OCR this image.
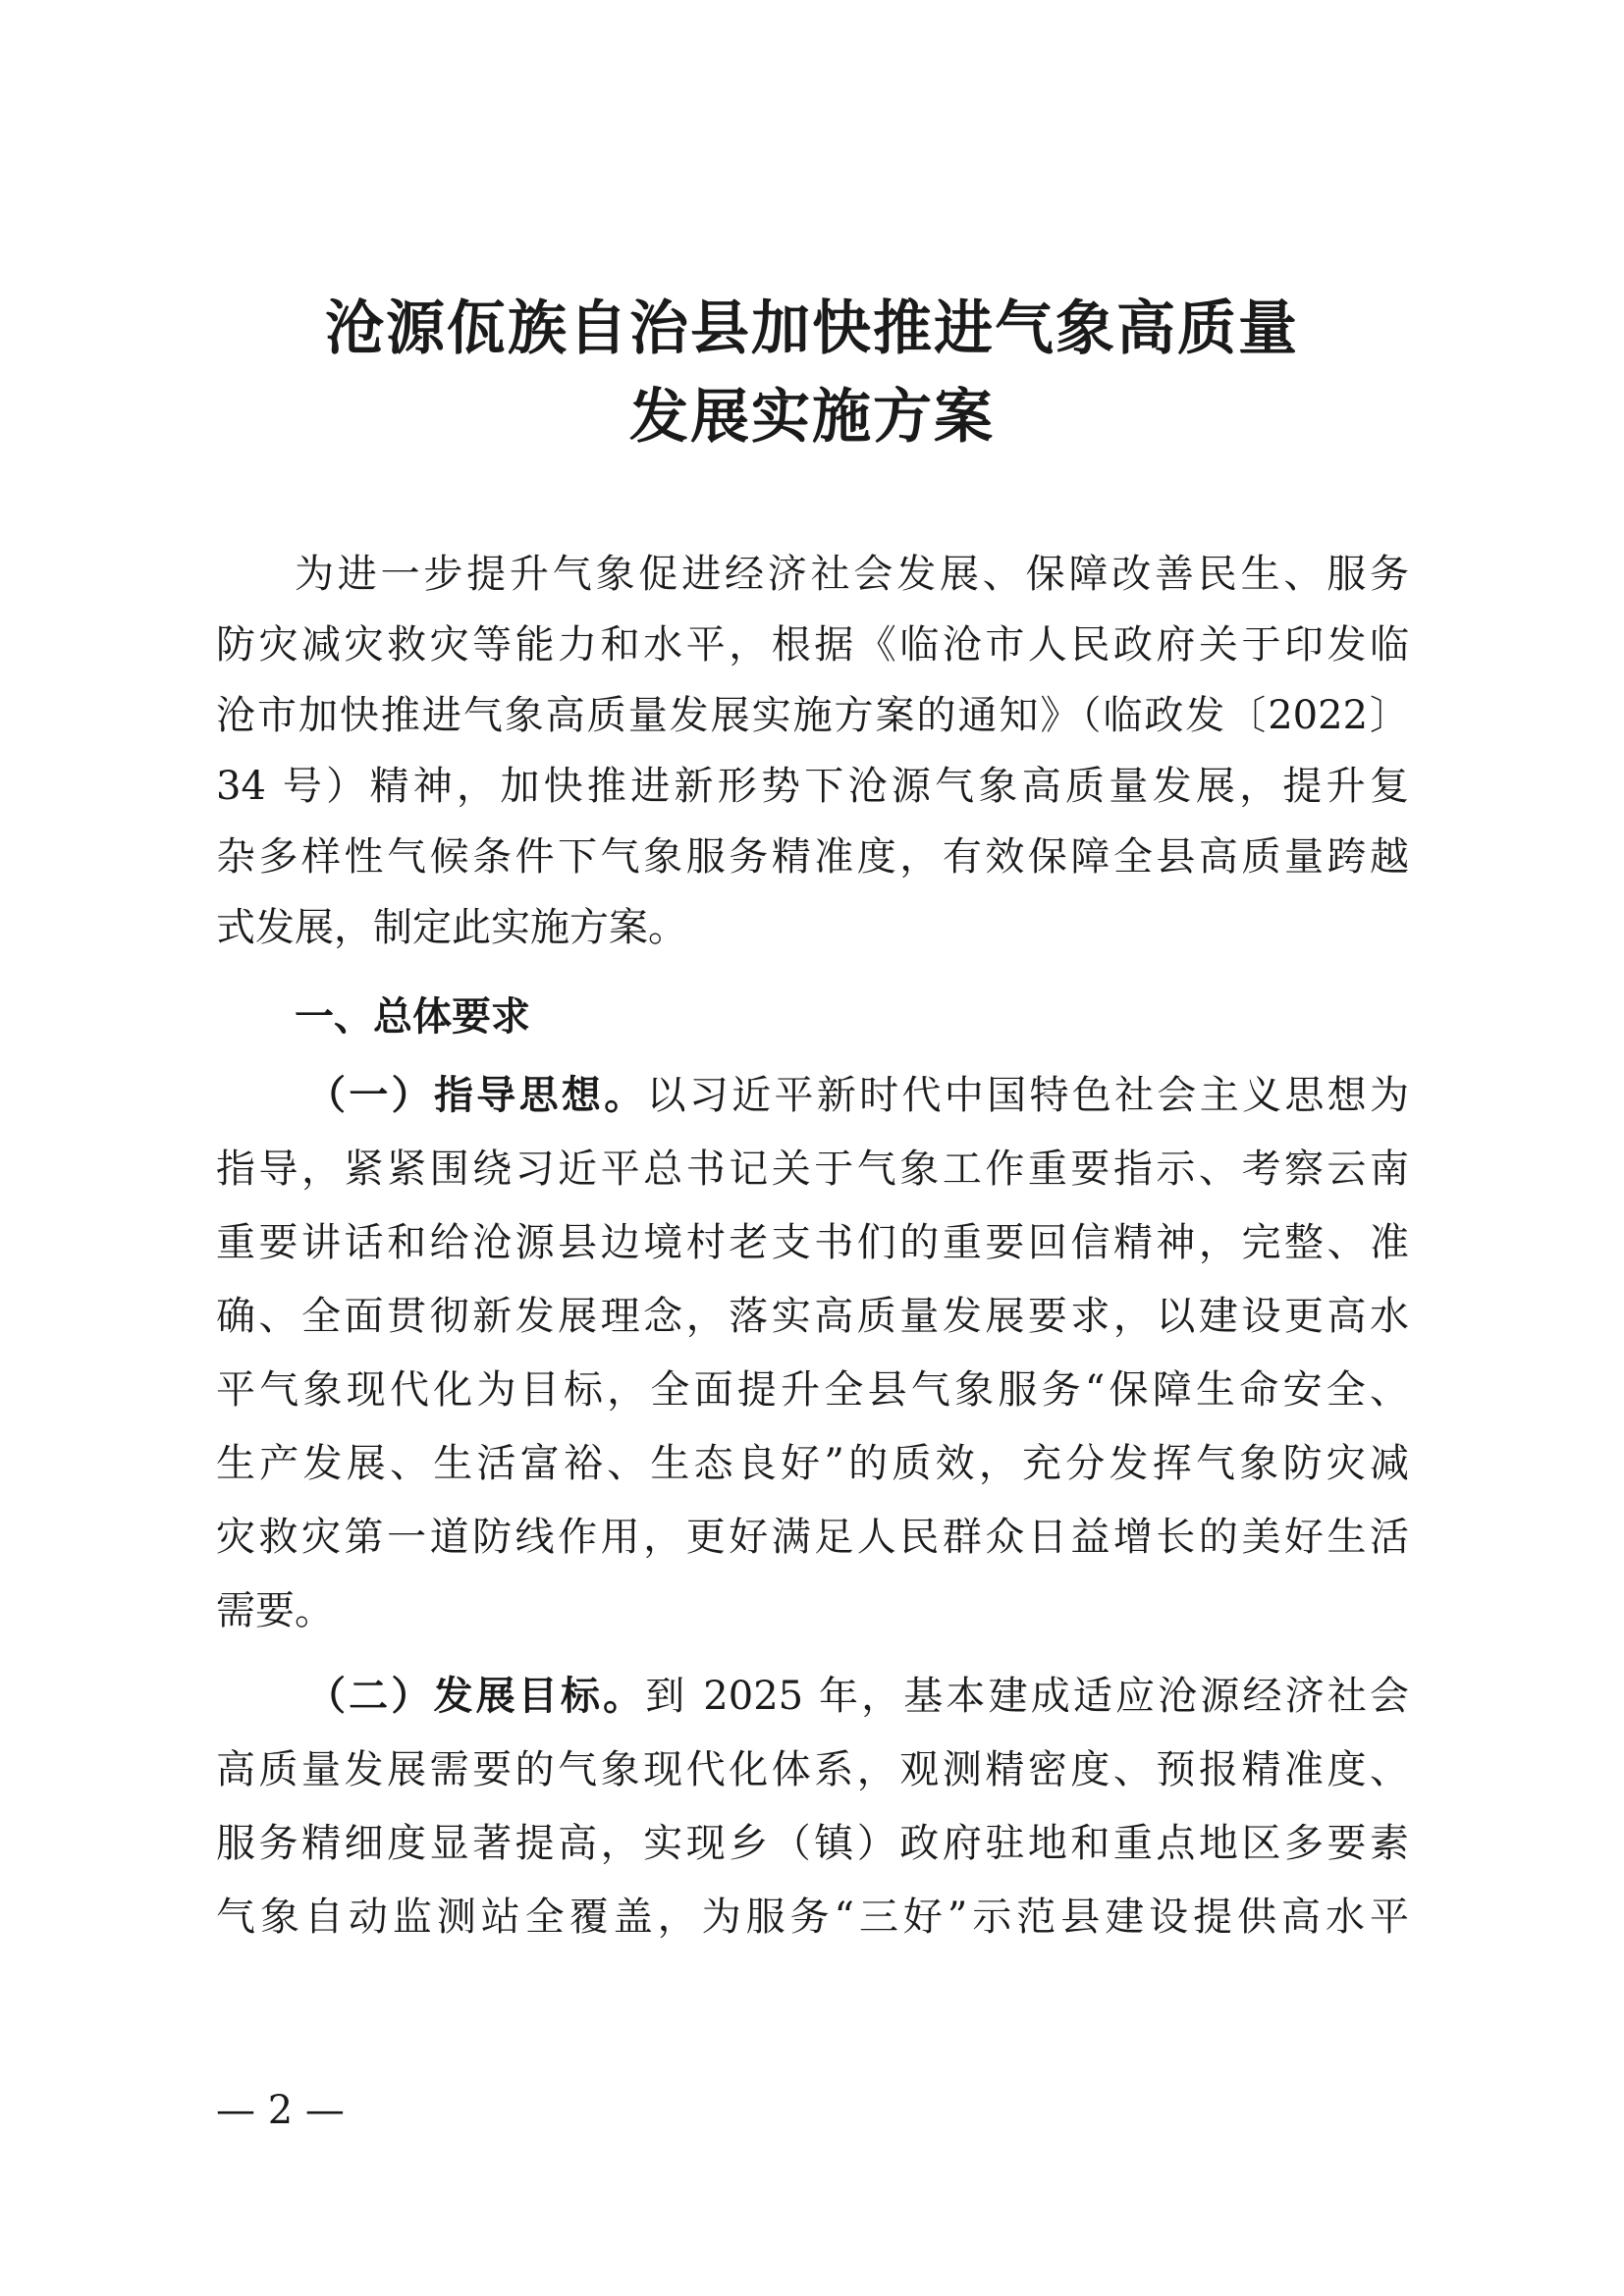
沧源佤族自治县加快推进气象高质量
发展实施方案

为进一步提升气象促进经济社会发展、保障改善民生、服务

防灾减灾救灾等能力和水平，根据《临沧市人民政府关于印发临

沧市加快推进气象高质量发展实施方案的通知》（临政发〔2022〕

34 号）精神，加快推进新形势下沧源气象高质量发展，提升复

杂多样性气候条件下气象服务精准度，有效保障全县高质量跨越

式发展，制定此实施方案。

一、总体要求

（一）指导思想。以习近平新时代中国特色社会主义思想为

指导，紧紧围绕习近平总书记关于气象工作重要指示、考察云南

重要讲话和给沧源县边境村老支书们的重要回信精神，完整、准

确、全面贯彻新发展理念，落实高质量发展要求，以建设更高水

平气象现代化为目标，全面提升全县气象服务“保障生命安全、

生产发展、生活富裕、生态良好”的质效，充分发挥气象防灾减

灾救灾第一道防线作用，更好满足人民群众日益增长的美好生活

需要。

（二）发展目标。到 2025 年，基本建成适应沧源经济社会

高质量发展需要的气象现代化体系，观测精密度、预报精准度、

服务精细度显著提高，实现乡（镇）政府驻地和重点地区多要素

气象自动监测站全覆盖，为服务“三好”示范县建设提供高水平

— 2 —
